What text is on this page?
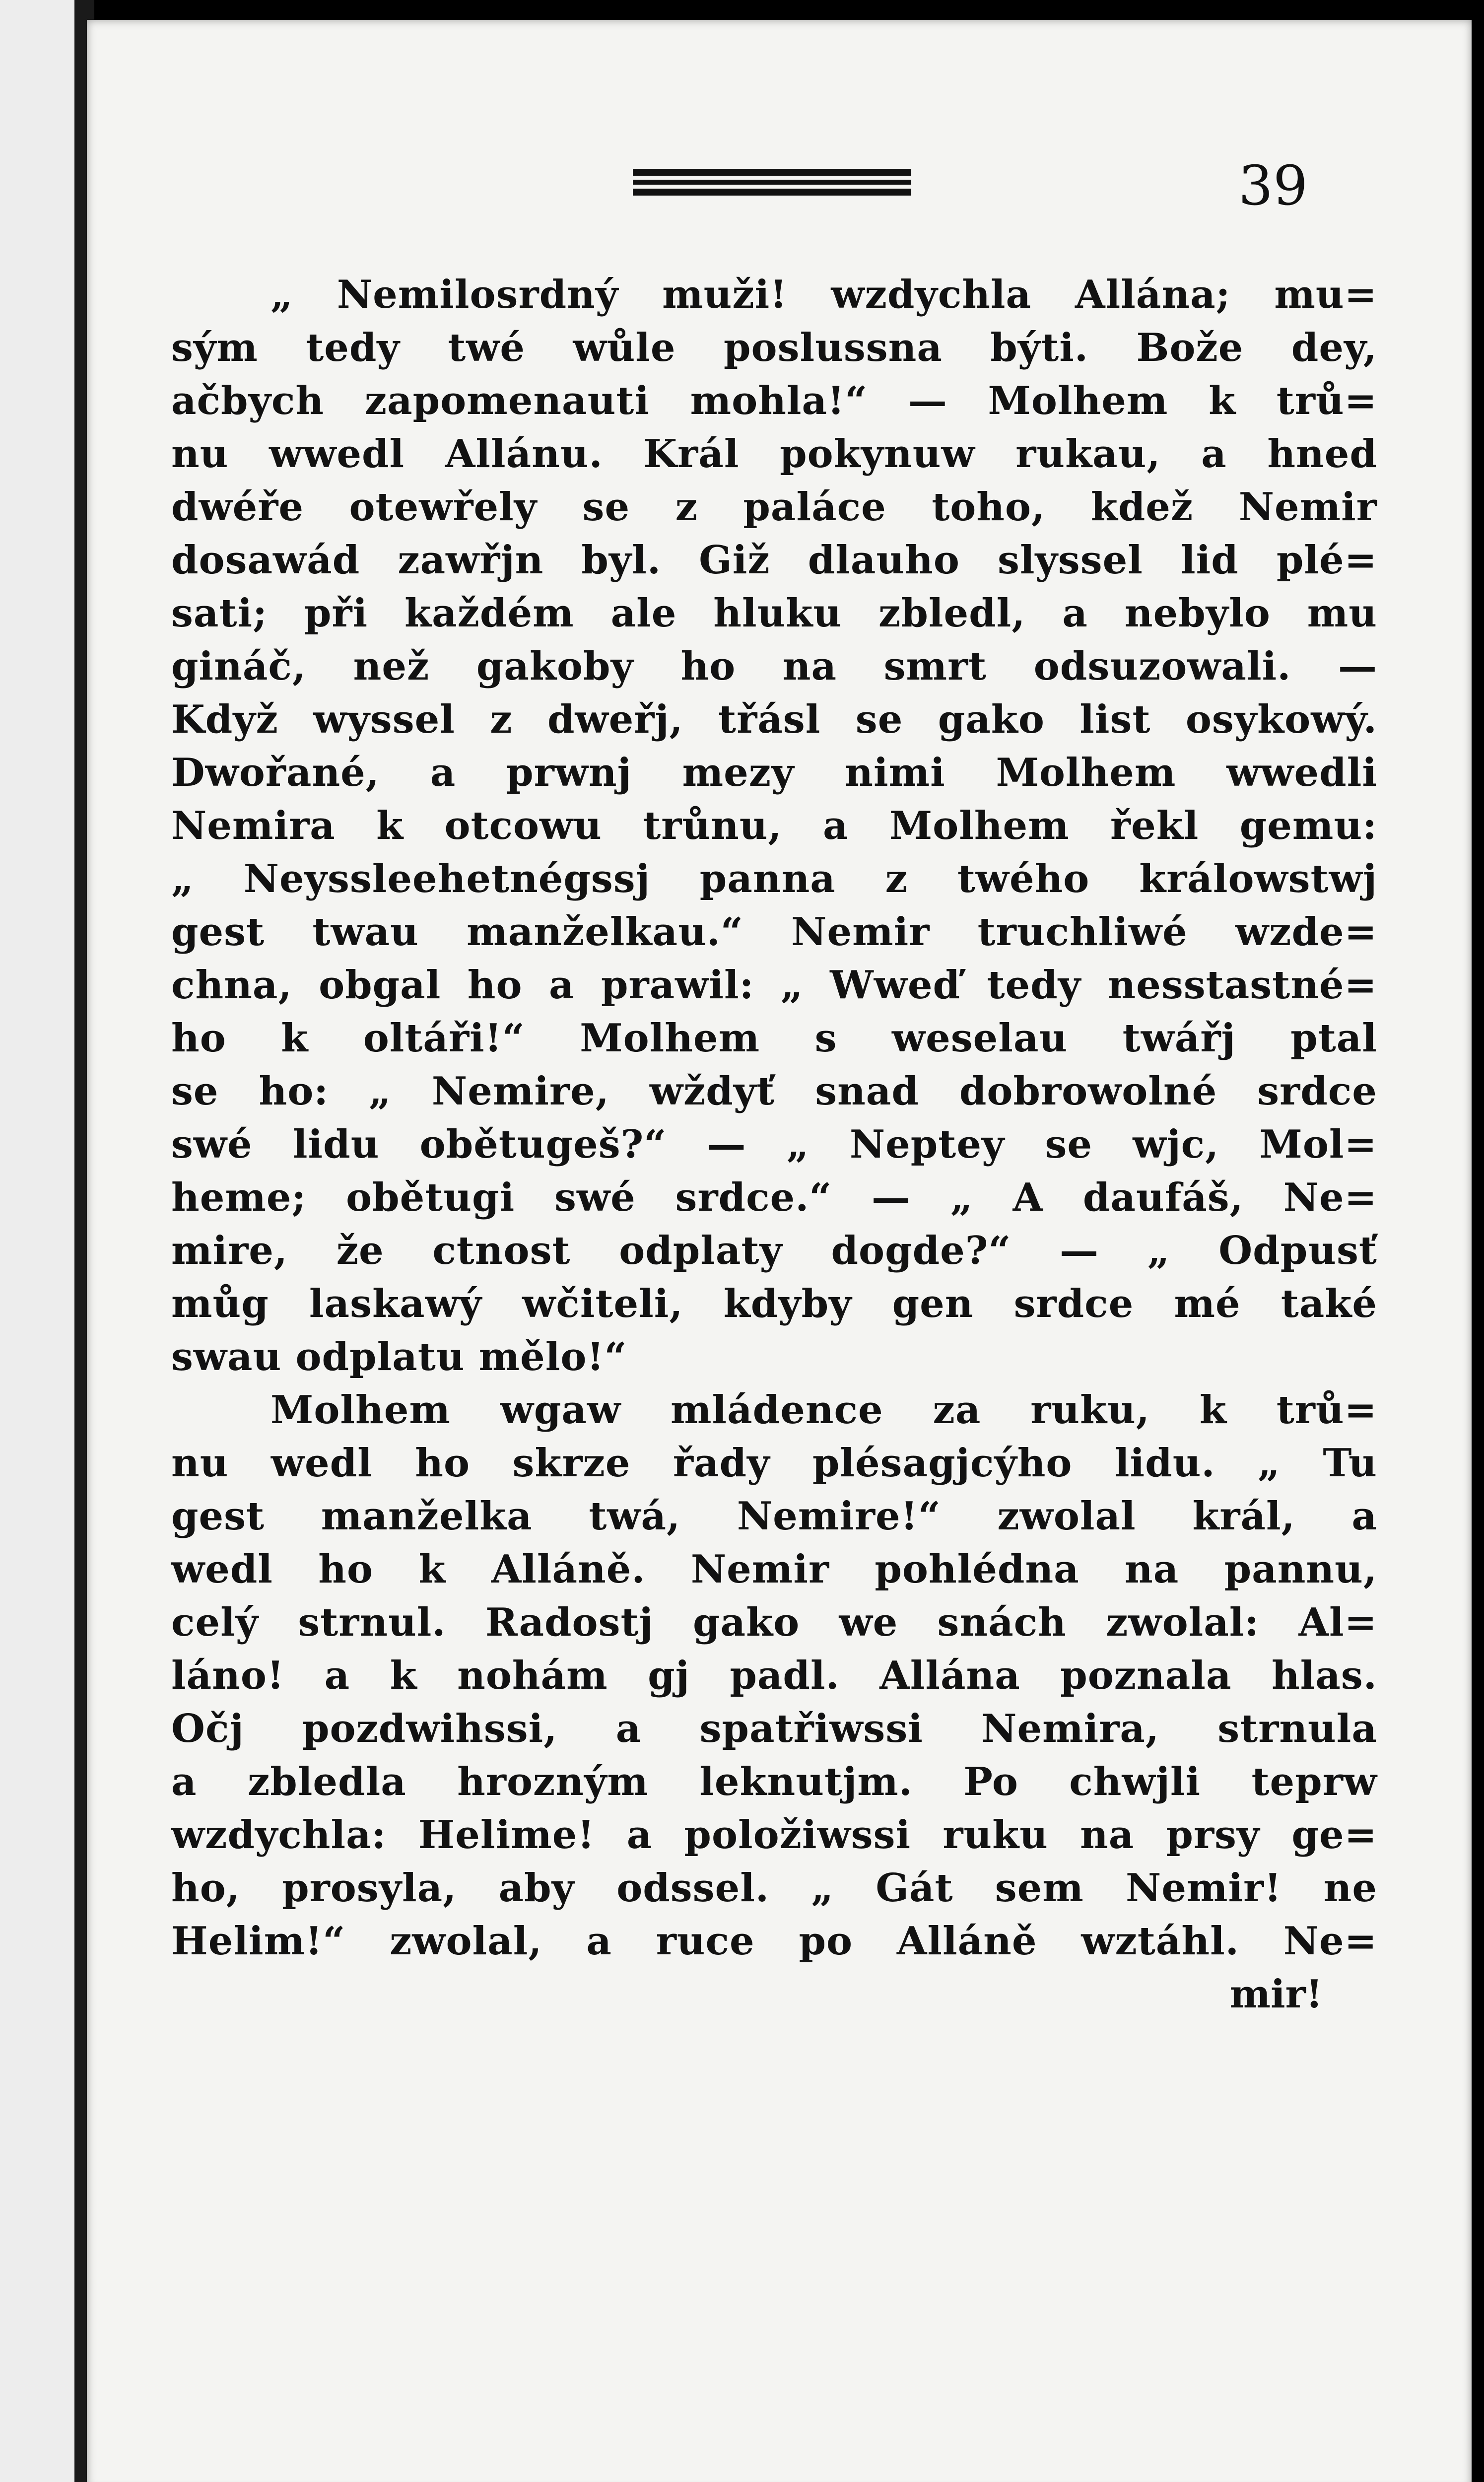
39
„ Nemilosrdný muži! wzdychla Allána; mu=
sým tedy twé wůle poslussna býti. Bože dey,
ačbych zapomenauti mohla!“ — Molhem k trů=
nu wwedl Allánu. Král pokynuw rukau, a hned
dwéře otewřely se z paláce toho, kdež Nemir
dosawád zawřjn byl. Giž dlauho slyssel lid plé=
sati; při každém ale hluku zbledl, a nebylo mu
gináč, než gakoby ho na smrt odsuzowali. —
Když wyssel z dweřj, třásl se gako list osykowý.
Dwořané, a prwnj mezy nimi Molhem wwedli
Nemira k otcowu trůnu, a Molhem řekl gemu:
„ Neyssleehetnégssj panna z twého králowstwj
gest twau manželkau.“ Nemir truchliwé wzde=
chna, obgal ho a prawil: „ Wweď tedy nesstastné=
ho k oltáři!“ Molhem s weselau twářj ptal
se ho: „ Nemire, wždyť snad dobrowolné srdce
swé lidu obětugeš?“ — „ Neptey se wjc, Mol=
heme; obětugi swé srdce.“ — „ A daufáš, Ne=
mire, že ctnost odplaty dogde?“ — „ Odpusť
můg laskawý wčiteli, kdyby gen srdce mé také
swau odplatu mělo!“
Molhem wgaw mládence za ruku, k trů=
nu wedl ho skrze řady plésagjcýho lidu. „ Tu
gest manželka twá, Nemire!“ zwolal král, a
wedl ho k Alláně. Nemir pohlédna na pannu,
celý strnul. Radostj gako we snách zwolal: Al=
láno! a k nohám gj padl. Allána poznala hlas.
Očj pozdwihssi, a spatřiwssi Nemira, strnula
a zbledla hrozným leknutjm. Po chwjli teprw
wzdychla: Helime! a položiwssi ruku na prsy ge=
ho, prosyla, aby odssel. „ Gát sem Nemir! ne
Helim!“ zwolal, a ruce po Alláně wztáhl. Ne=
mir!
